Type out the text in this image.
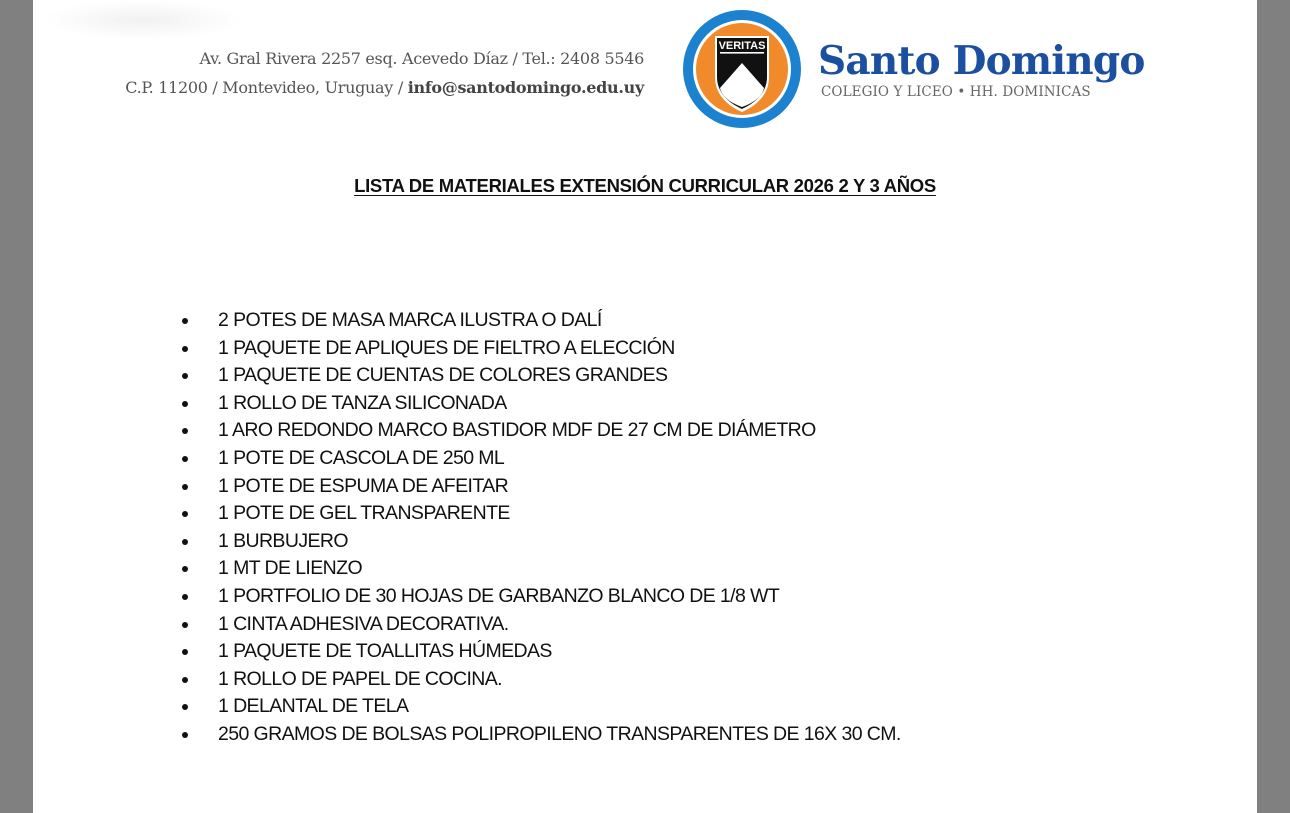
Av. Gral Rivera 2257 esq. Acevedo Díaz / Tel.: 2408 5546
C.P. 11200 / Montevideo, Uruguay / info@santodomingo.edu.uy
VERITAS Santo Domingo
COLEGIO Y LICEO • HH. DOMINICAS
LISTA DE MATERIALES EXTENSIÓN CURRICULAR 2026 2 Y 3 AÑOS
2 POTES DE MASA MARCA ILUSTRA O DALÍ
1 PAQUETE DE APLIQUES DE FIELTRO A ELECCIÓN
1 PAQUETE DE CUENTAS DE COLORES GRANDES
1 ROLLO DE TANZA SILICONADA
1 ARO REDONDO MARCO BASTIDOR MDF DE 27 CM DE DIÁMETRO
1 POTE DE CASCOLA DE 250 ML
1 POTE DE ESPUMA DE AFEITAR
1 POTE DE GEL TRANSPARENTE
1 BURBUJERO
1 MT DE LIENZO
1 PORTFOLIO DE 30 HOJAS DE GARBANZO BLANCO DE 1/8 WT
1 CINTA ADHESIVA DECORATIVA.
1 PAQUETE DE TOALLITAS HÚMEDAS
1 ROLLO DE PAPEL DE COCINA.
1 DELANTAL DE TELA
250 GRAMOS DE BOLSAS POLIPROPILENO TRANSPARENTES DE 16X 30 CM.
